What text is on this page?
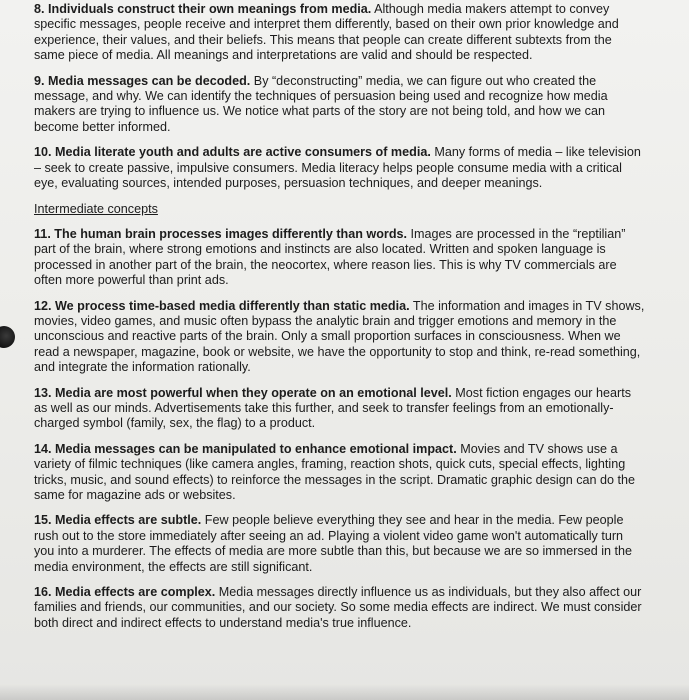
8. Individuals construct their own meanings from media. Although media makers attempt to convey specific messages, people receive and interpret them differently, based on their own prior knowledge and experience, their values, and their beliefs. This means that people can create different subtexts from the same piece of media. All meanings and interpretations are valid and should be respected.

9. Media messages can be decoded. By “deconstructing” media, we can figure out who created the message, and why. We can identify the techniques of persuasion being used and recognize how media makers are trying to influence us. We notice what parts of the story are not being told, and how we can become better informed.

10. Media literate youth and adults are active consumers of media. Many forms of media – like television – seek to create passive, impulsive consumers. Media literacy helps people consume media with a critical eye, evaluating sources, intended purposes, persuasion techniques, and deeper meanings.

Intermediate concepts

11. The human brain processes images differently than words. Images are processed in the “reptilian” part of the brain, where strong emotions and instincts are also located. Written and spoken language is processed in another part of the brain, the neocortex, where reason lies. This is why TV commercials are often more powerful than print ads.

12. We process time-based media differently than static media. The information and images in TV shows, movies, video games, and music often bypass the analytic brain and trigger emotions and memory in the unconscious and reactive parts of the brain. Only a small proportion surfaces in consciousness. When we read a newspaper, magazine, book or website, we have the opportunity to stop and think, re-read something, and integrate the information rationally.

13. Media are most powerful when they operate on an emotional level. Most fiction engages our hearts as well as our minds. Advertisements take this further, and seek to transfer feelings from an emotionally-charged symbol (family, sex, the flag) to a product.

14. Media messages can be manipulated to enhance emotional impact. Movies and TV shows use a variety of filmic techniques (like camera angles, framing, reaction shots, quick cuts, special effects, lighting tricks, music, and sound effects) to reinforce the messages in the script. Dramatic graphic design can do the same for magazine ads or websites.

15. Media effects are subtle. Few people believe everything they see and hear in the media. Few people rush out to the store immediately after seeing an ad. Playing a violent video game won't automatically turn you into a murderer. The effects of media are more subtle than this, but because we are so immersed in the media environment, the effects are still significant.

16. Media effects are complex. Media messages directly influence us as individuals, but they also affect our families and friends, our communities, and our society. So some media effects are indirect. We must consider both direct and indirect effects to understand media's true influence.
